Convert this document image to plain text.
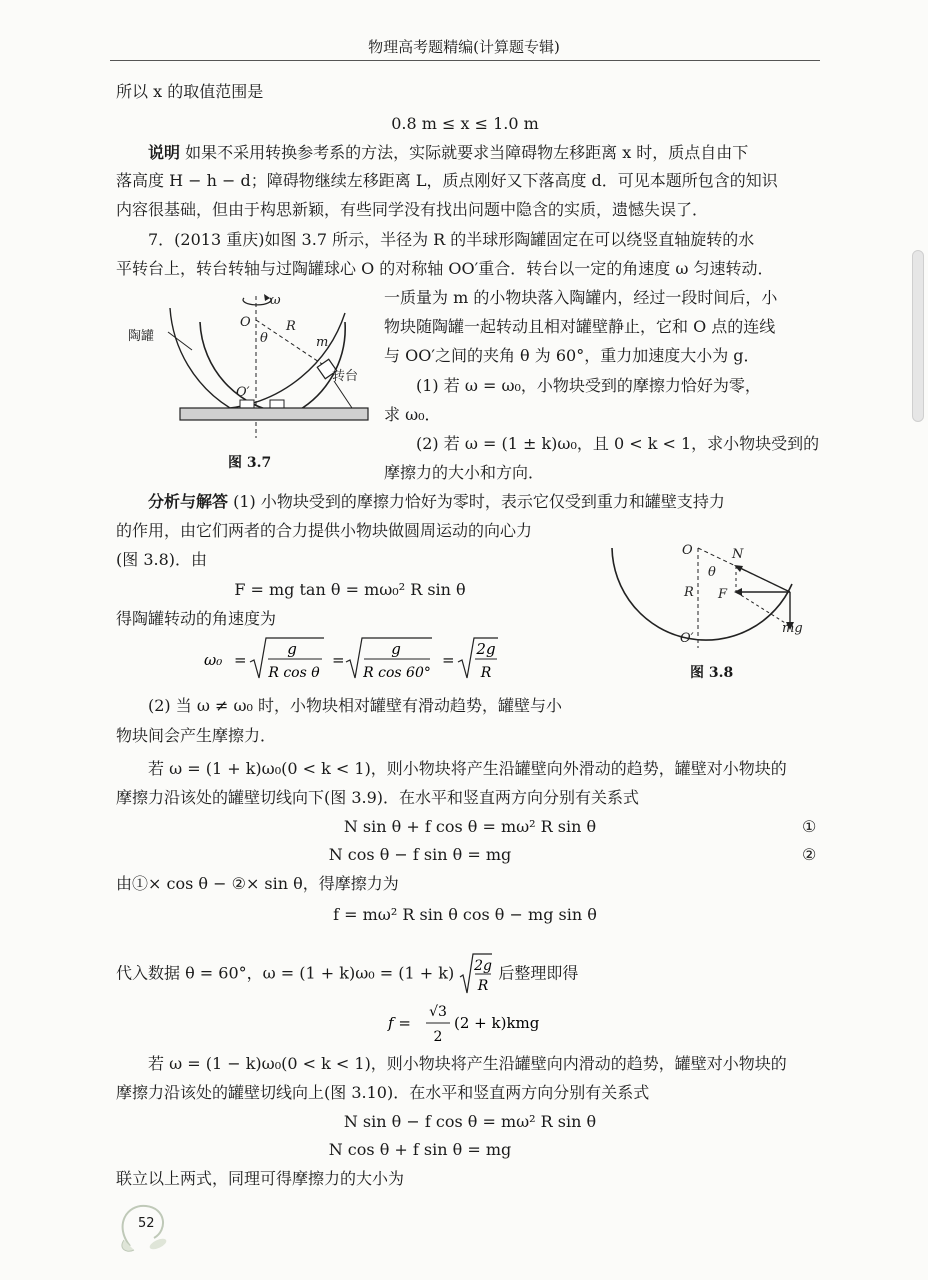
物理高考题精编(计算题专辑)
所以 x 的取值范围是
0.8 m ≤ x ≤ 1.0 m
说明 如果不采用转换参考系的方法，实际就要求当障碍物左移距离 x 时，质点自由下
落高度 H − h − d；障碍物继续左移距离 L，质点刚好又下落高度 d．可见本题所包含的知识
内容很基础，但由于构思新颖，有些同学没有找出问题中隐含的实质，遗憾失误了．
7．(2013 重庆)如图 3.7 所示，半径为 R 的半球形陶罐固定在可以绕竖直轴旋转的水
平转台上，转台转轴与过陶罐球心 O 的对称轴 OO′重合．转台以一定的角速度 ω 匀速转动．
一质量为 m 的小物块落入陶罐内，经过一段时间后，小
物块随陶罐一起转动且相对罐壁静止，它和 O 点的连线
与 OO′之间的夹角 θ 为 60°，重力加速度大小为 g．
(1) 若 ω = ω₀，小物块受到的摩擦力恰好为零，
求 ω₀．
(2) 若 ω = (1 ± k)ω₀，且 0 < k < 1，求小物块受到的
摩擦力的大小和方向．
ω
O	R
θ	m
O′
陶罐
转台
图 3.7
分析与解答 (1) 小物块受到的摩擦力恰好为零时，表示它仅受到重力和罐壁支持力
的作用，由它们两者的合力提供小物块做圆周运动的向心力
(图 3.8)．由
F = mg tan θ = mω₀² R sin θ
得陶罐转动的角速度为
ω₀ =
g
R cos θ
=
g
R cos 60°
=
2g
R
O
θ
N
R F
O′
mg
图 3.8
(2) 当 ω ≠ ω₀ 时，小物块相对罐壁有滑动趋势，罐壁与小
物块间会产生摩擦力．
若 ω = (1 + k)ω₀(0 < k < 1)，则小物块将产生沿罐壁向外滑动的趋势，罐壁对小物块的
摩擦力沿该处的罐壁切线向下(图 3.9)．在水平和竖直两方向分别有关系式
N sin θ + f cos θ = mω² R sin θ	①
N cos θ − f sin θ = mg	②
由①× cos θ − ②× sin θ，得摩擦力为
f = mω² R sin θ cos θ − mg sin θ
代入数据 θ = 60°，ω = (1 + k)ω₀ = (1 + k) 2g
R
后整理即得
f =
√3
2
(2 + k)kmg
若 ω = (1 − k)ω₀(0 < k < 1)，则小物块将产生沿罐壁向内滑动的趋势，罐壁对小物块的
摩擦力沿该处的罐壁切线向上(图 3.10)．在水平和竖直两方向分别有关系式
N sin θ − f cos θ = mω² R sin θ
N cos θ + f sin θ = mg
联立以上两式，同理可得摩擦力的大小为
52
